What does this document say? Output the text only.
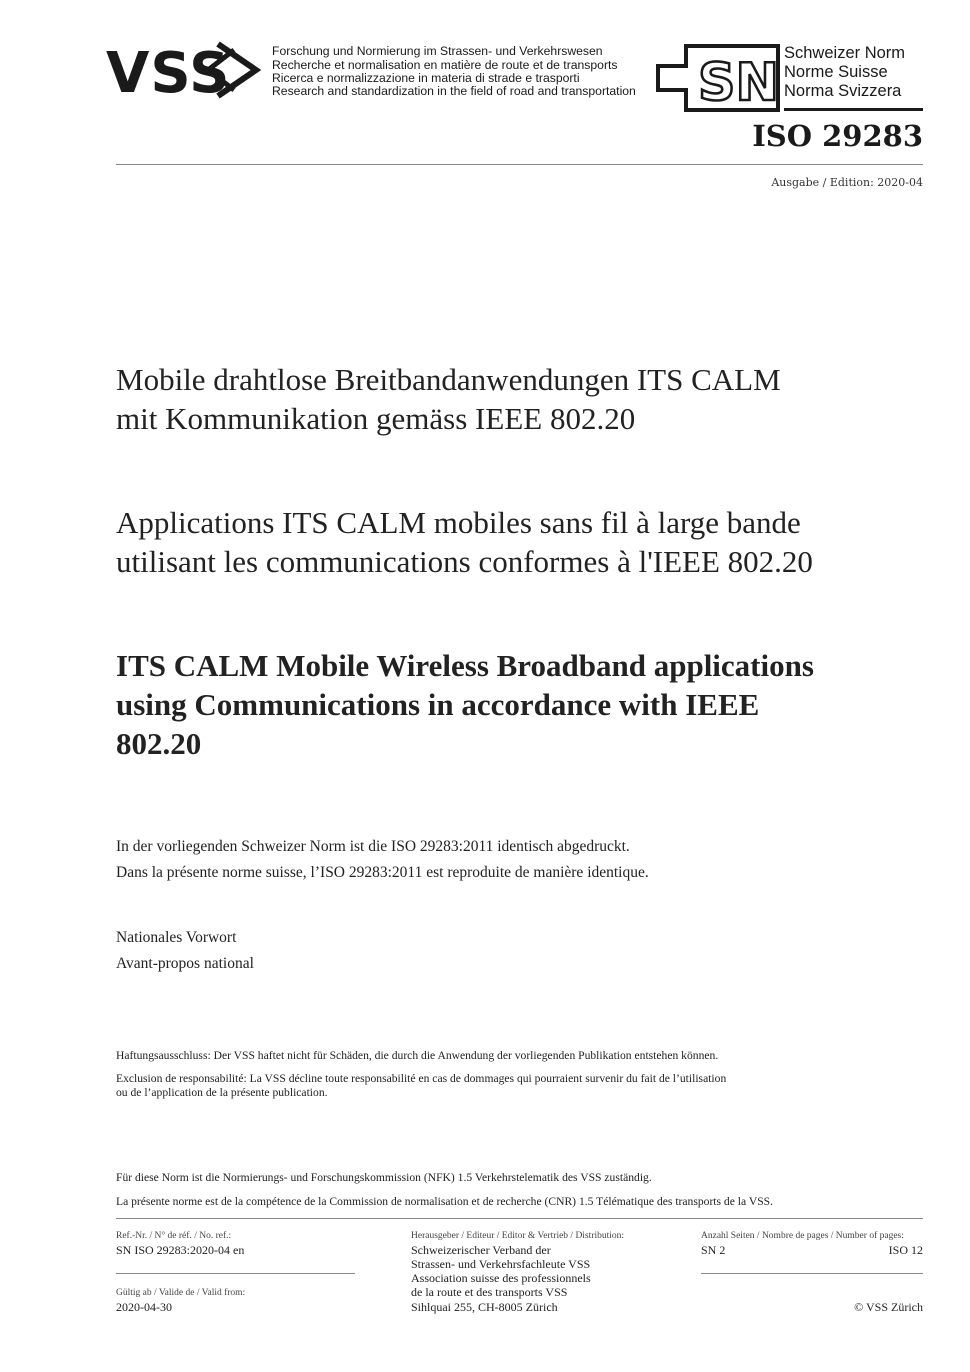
VSS	Forschung und Normierung im Strassen- und Verkehrswesen
Recherche et normalisation en matière de route et de transports
Ricerca e normalizzazione in materia di strade e trasporti
Research and standardization in the field of road and transportation SN Schweizer Norm
Norme Suisse
Norma Svizzera
ISO 29283
Ausgabe / Edition: 2020-04
Mobile drahtlose Breitbandanwendungen ITS CALM
mit Kommunikation gemäss IEEE 802.20
Applications ITS CALM mobiles sans fil à large bande
utilisant les communications conformes à l'IEEE 802.20
ITS CALM Mobile Wireless Broadband applications
using Communications in accordance with IEEE
802.20
In der vorliegenden Schweizer Norm ist die ISO 29283:2011 identisch abgedruckt.
Dans la présente norme suisse, l’ISO 29283:2011 est reproduite de manière identique.
Nationales Vorwort
Avant-propos national
Haftungsausschluss: Der VSS haftet nicht für Schäden, die durch die Anwendung der vorliegenden Publikation entstehen können.
Exclusion de responsabilité: La VSS décline toute responsabilité en cas de dommages qui pourraient survenir du fait de l’utilisation
ou de l’application de la présente publication.
Für diese Norm ist die Normierungs- und Forschungskommission (NFK) 1.5 Verkehrstelematik des VSS zuständig.
La présente norme est de la compétence de la Commission de normalisation et de recherche (CNR) 1.5 Télématique des transports de la VSS.
Ref.-Nr. / N° de réf. / No. ref.:
SN ISO 29283:2020-04 en
Gültig ab / Valide de / Valid from:
2020-04-30
Herausgeber / Editeur / Editor & Vertrieb / Distribution:
Schweizerischer Verband der
Strassen- und Verkehrsfachleute VSS
Association suisse des professionnels
de la route et des transports VSS
Sihlquai 255, CH-8005 Zürich
Anzahl Seiten / Nombre de pages / Number of pages:
SN 2	ISO 12
© VSS Zürich
